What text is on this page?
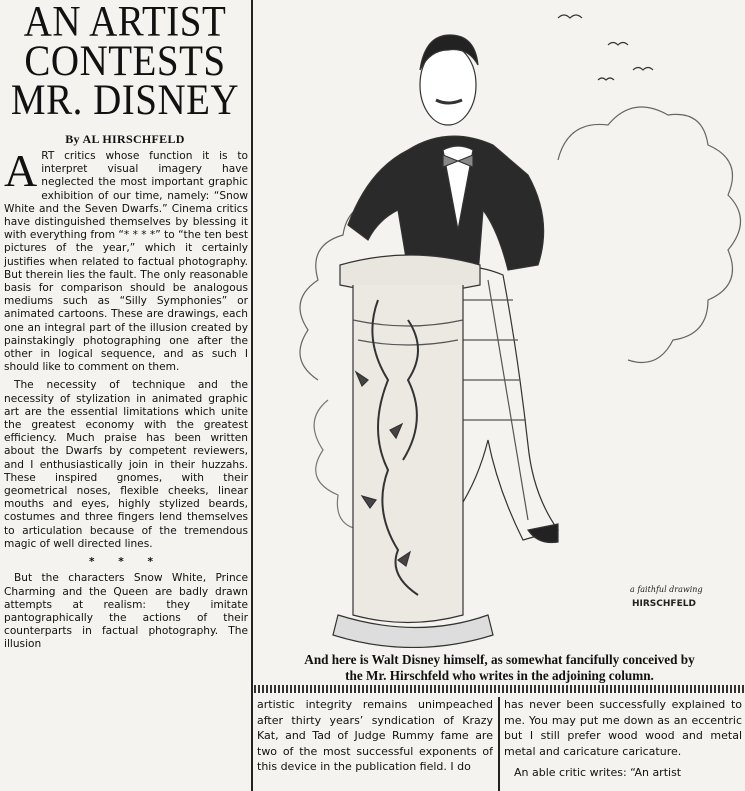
AN ARTIST
CONTESTS
MR. DISNEY
By AL HIRSCHFELD

ART critics whose function it is to interpret visual imagery have neglected the most important graphic exhibition of our time, namely: “Snow White and the Seven Dwarfs.” Cinema critics have distinguished themselves by blessing it with everything from “* * * *” to “the ten best pictures of the year,” which it certainly justifies when related to factual photography. But therein lies the fault. The only reasonable basis for comparison should be analogous mediums such as “Silly Symphonies” or animated cartoons. These are drawings, each one an integral part of the illusion created by painstakingly photographing one after the other in logical sequence, and as such I should like to comment on them.

The necessity of technique and the necessity of stylization in animated graphic art are the essential limitations which unite the greatest economy with the greatest efficiency. Much praise has been written about the Dwarfs by competent reviewers, and I enthusiastically join in their huzzahs. These inspired gnomes, with their geometrical noses, flexible cheeks, linear mouths and eyes, highly stylized beards, costumes and three fingers lend themselves to articulation because of the tremendous magic of well directed lines.

* * *

But the characters Snow White, Prince Charming and the Queen are badly drawn attempts at realism: they imitate pantographically the actions of their counterparts in factual photography. The illusion

a faithful drawing
HIRSCHFELD
And here is Walt Disney himself, as somewhat fancifully conceived by
the Mr. Hirschfeld who writes in the adjoining column.

artistic integrity remains unimpeached after thirty years’ syndication of Krazy Kat, and Tad of Judge Rummy fame are two of the most successful exponents of this device in the publication field. I do

has never been successfully explained to me. You may put me down as an eccentric but I still prefer wood wood and metal metal and caricature caricature.

An able critic writes: “An artist
